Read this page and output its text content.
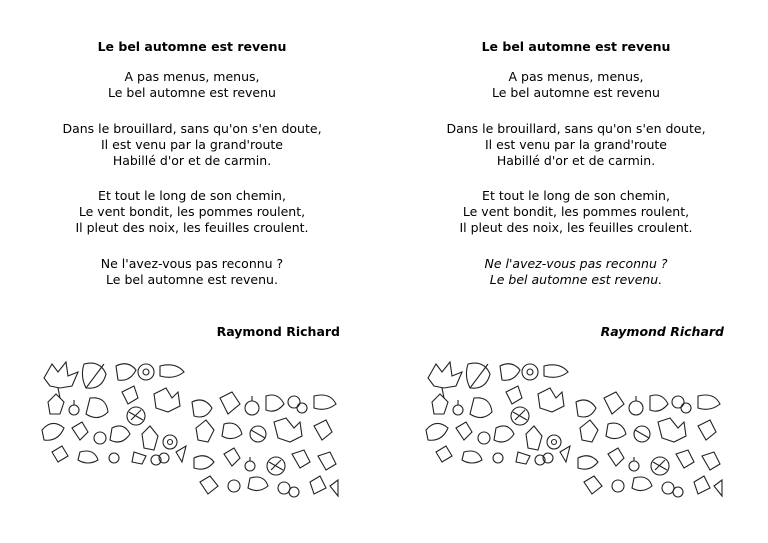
Le bel automne est revenu
A pas menus, menus,
Le bel automne est revenu
Dans le brouillard, sans qu'on s'en doute,
Il est venu par la grand'route
Habillé d'or et de carmin.
Et tout le long de son chemin,
Le vent bondit, les pommes roulent,
Il pleut des noix, les feuilles croulent.
Ne l'avez-vous pas reconnu ?
Le bel automne est revenu.
Raymond Richard
Le bel automne est revenu
A pas menus, menus,
Le bel automne est revenu
Dans le brouillard, sans qu'on s'en doute,
Il est venu par la grand'route
Habillé d'or et de carmin.
Et tout le long de son chemin,
Le vent bondit, les pommes roulent,
Il pleut des noix, les feuilles croulent.
Ne l'avez-vous pas reconnu ?
Le bel automne est revenu.
Raymond Richard
